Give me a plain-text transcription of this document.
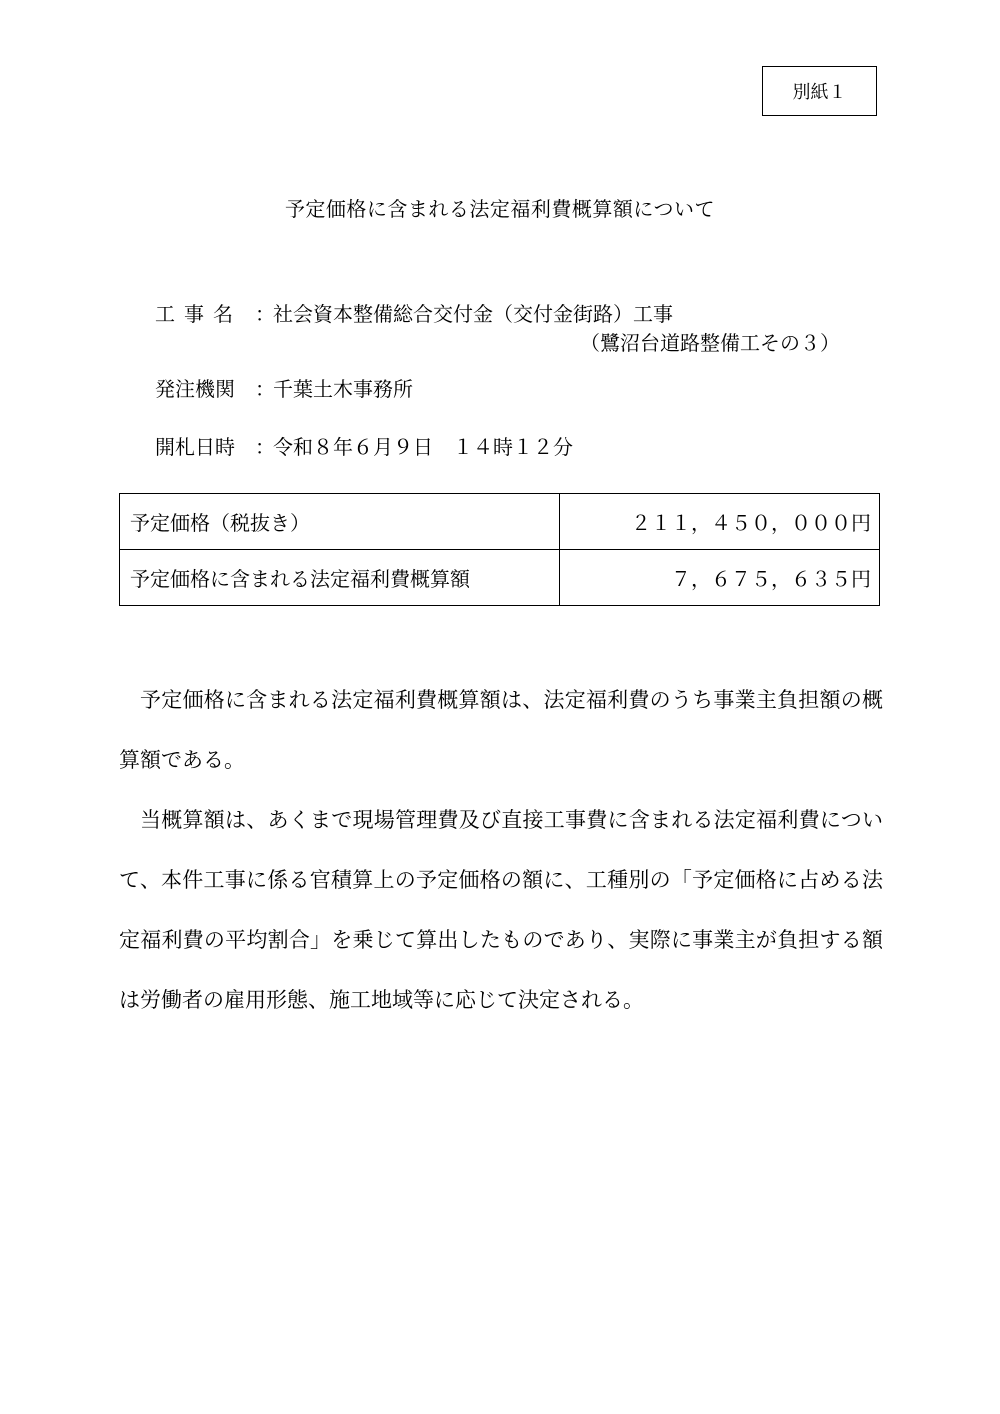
別紙１
予定価格に含まれる法定福利費概算額について
工事名 ：
社会資本整備総合交付金（交付金街路）工事
（鷺沼台道路整備工その３）
発注機関	：
千葉土木事務所
開札日時	：
令和８年６月９日　１４時１２分
予定価格（税抜き）	２１１，４５０，０００円
予定価格に含まれる法定福利費概算額	７，６７５，６３５円

予定価格に含まれる法定福利費概算額は、法定福利費のうち事業主負担額の概算額である。

当概算額は、あくまで現場管理費及び直接工事費に含まれる法定福利費について、本件工事に係る官積算上の予定価格の額に、工種別の「予定価格に占める法定福利費の平均割合」を乗じて算出したものであり、実際に事業主が負担する額は労働者の雇用形態、施工地域等に応じて決定される。
